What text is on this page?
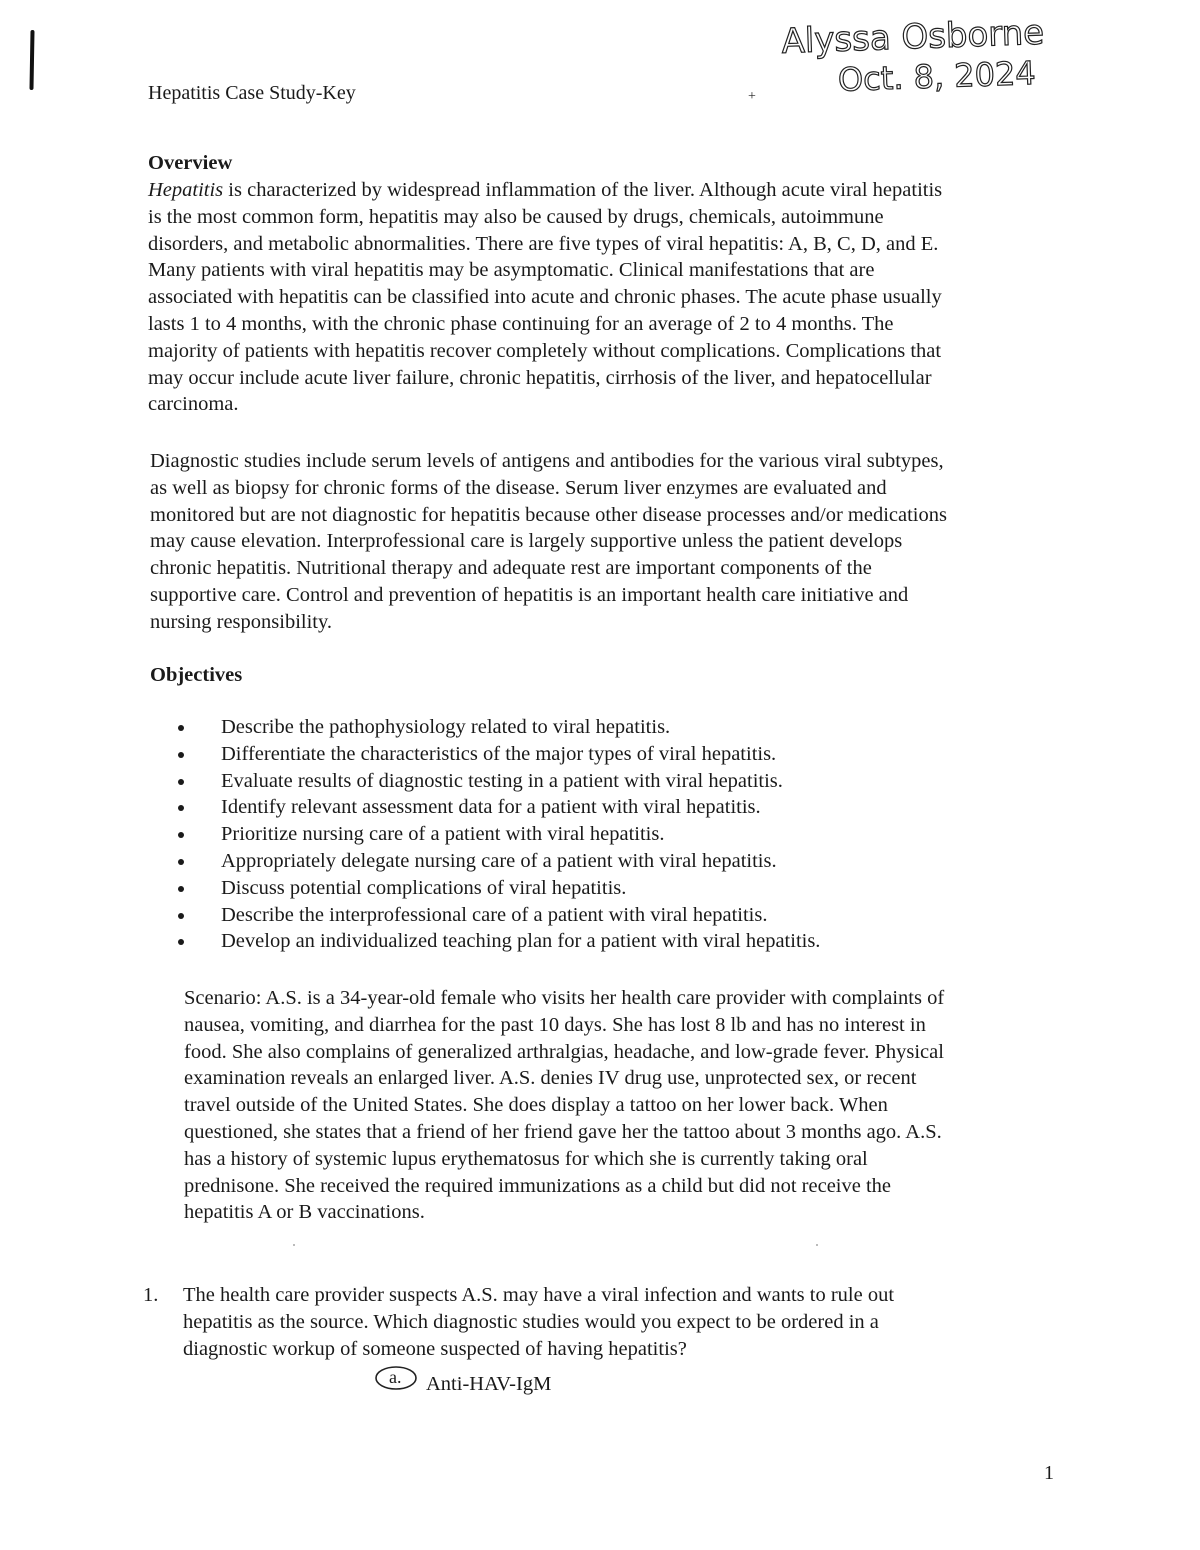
Hepatitis Case Study-Key	+
Alyssa Osborne
Oct. 8, 2024
Overview
Hepatitis is characterized by widespread inflammation of the liver. Although acute viral hepatitis
is the most common form, hepatitis may also be caused by drugs, chemicals, autoimmune
disorders, and metabolic abnormalities. There are five types of viral hepatitis: A, B, C, D, and E.
Many patients with viral hepatitis may be asymptomatic. Clinical manifestations that are
associated with hepatitis can be classified into acute and chronic phases. The acute phase usually
lasts 1 to 4 months, with the chronic phase continuing for an average of 2 to 4 months. The
majority of patients with hepatitis recover completely without complications. Complications that
may occur include acute liver failure, chronic hepatitis, cirrhosis of the liver, and hepatocellular
carcinoma.
Diagnostic studies include serum levels of antigens and antibodies for the various viral subtypes,
as well as biopsy for chronic forms of the disease. Serum liver enzymes are evaluated and
monitored but are not diagnostic for hepatitis because other disease processes and/or medications
may cause elevation. Interprofessional care is largely supportive unless the patient develops
chronic hepatitis. Nutritional therapy and adequate rest are important components of the
supportive care. Control and prevention of hepatitis is an important health care initiative and
nursing responsibility.
Objectives
Describe the pathophysiology related to viral hepatitis.
Differentiate the characteristics of the major types of viral hepatitis.
Evaluate results of diagnostic testing in a patient with viral hepatitis.
Identify relevant assessment data for a patient with viral hepatitis.
Prioritize nursing care of a patient with viral hepatitis.
Appropriately delegate nursing care of a patient with viral hepatitis.
Discuss potential complications of viral hepatitis.
Describe the interprofessional care of a patient with viral hepatitis.
Develop an individualized teaching plan for a patient with viral hepatitis.
Scenario: A.S. is a 34-year-old female who visits her health care provider with complaints of
nausea, vomiting, and diarrhea for the past 10 days. She has lost 8 lb and has no interest in
food. She also complains of generalized arthralgias, headache, and low-grade fever. Physical
examination reveals an enlarged liver. A.S. denies IV drug use, unprotected sex, or recent
travel outside of the United States. She does display a tattoo on her lower back. When
questioned, she states that a friend of her friend gave her the tattoo about 3 months ago. A.S.
has a history of systemic lupus erythematosus for which she is currently taking oral
prednisone. She received the required immunizations as a child but did not receive the
hepatitis A or B vaccinations.
1. The health care provider suspects A.S. may have a viral infection and wants to rule out
hepatitis as the source. Which diagnostic studies would you expect to be ordered in a
diagnostic workup of someone suspected of having hepatitis?
a. Anti-HAV-IgM
1
